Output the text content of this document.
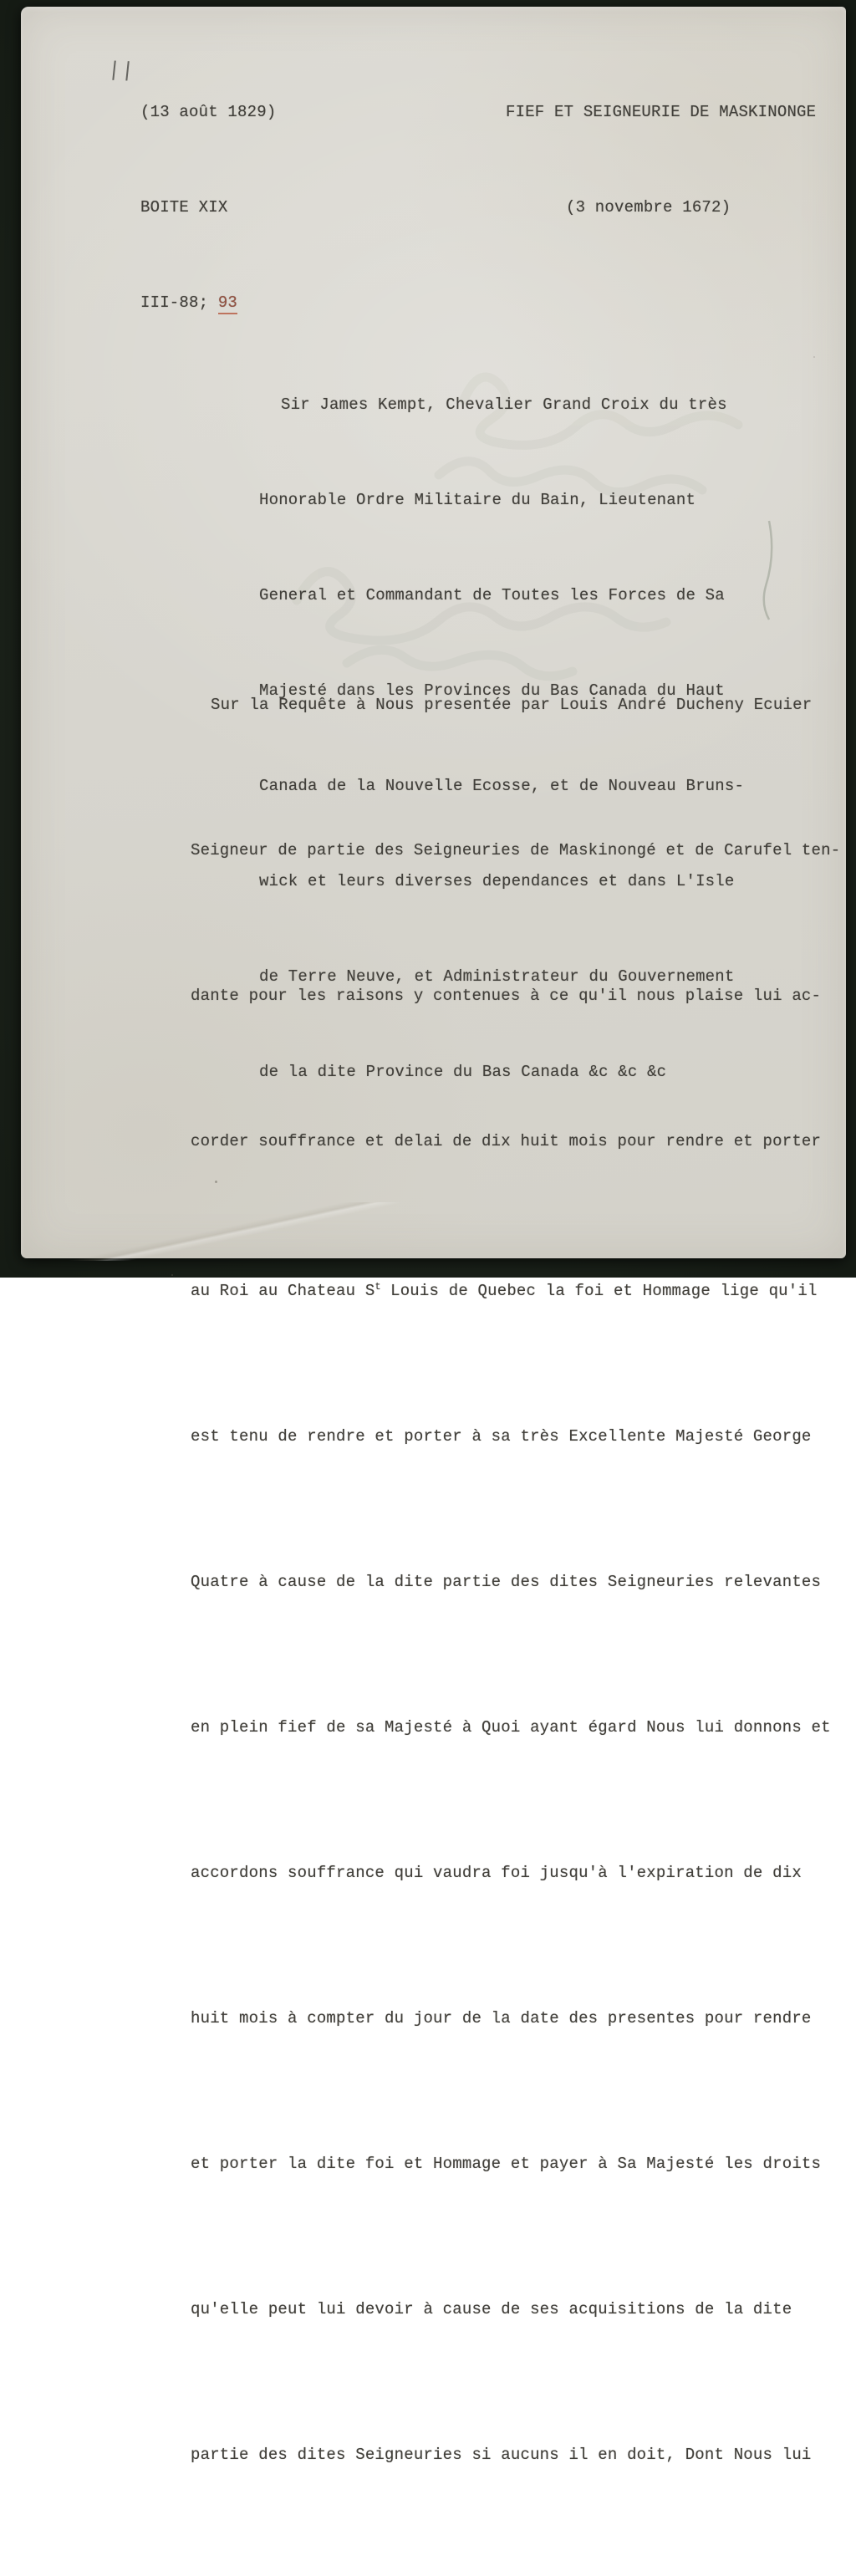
||

(13 août 1829)

BOITE XIX

III-88; 93

FIEF ET SEIGNEURIE DE MASKINONGE

(3 novembre 1672)

Sir James Kempt, Chevalier Grand Croix du très

Honorable Ordre Militaire du Bain, Lieutenant

General et Commandant de Toutes les Forces de Sa

Majesté dans les Provinces du Bas Canada du Haut

Canada de la Nouvelle Ecosse, et de Nouveau Bruns-

wick et leurs diverses dependances et dans L'Isle

de Terre Neuve, et Administrateur du Gouvernement

de la dite Province du Bas Canada &c &c &c

Sur la Requête à Nous presentée par Louis André Ducheny Ecuier

Seigneur de partie des Seigneuries de Maskinongé et de Carufel ten-

dante pour les raisons y contenues à ce qu'il nous plaise lui ac-

corder souffrance et delai de dix huit mois pour rendre et porter

au Roi au Chateau $S^t$ Louis de Quebec la foi et Hommage lige qu'il

est tenu de rendre et porter à sa très Excellente Majesté George

Quatre à cause de la dite partie des dites Seigneuries relevantes

en plein fief de sa Majesté à Quoi ayant égard Nous lui donnons et

accordons souffrance qui vaudra foi jusqu'à l'expiration de dix

huit mois à compter du jour de la date des presentes pour rendre

et porter la dite foi et Hommage et payer à Sa Majesté les droits

qu'elle peut lui devoir à cause de ses acquisitions de la dite

partie des dites Seigneuries si aucuns il en doit, Dont Nous lui
